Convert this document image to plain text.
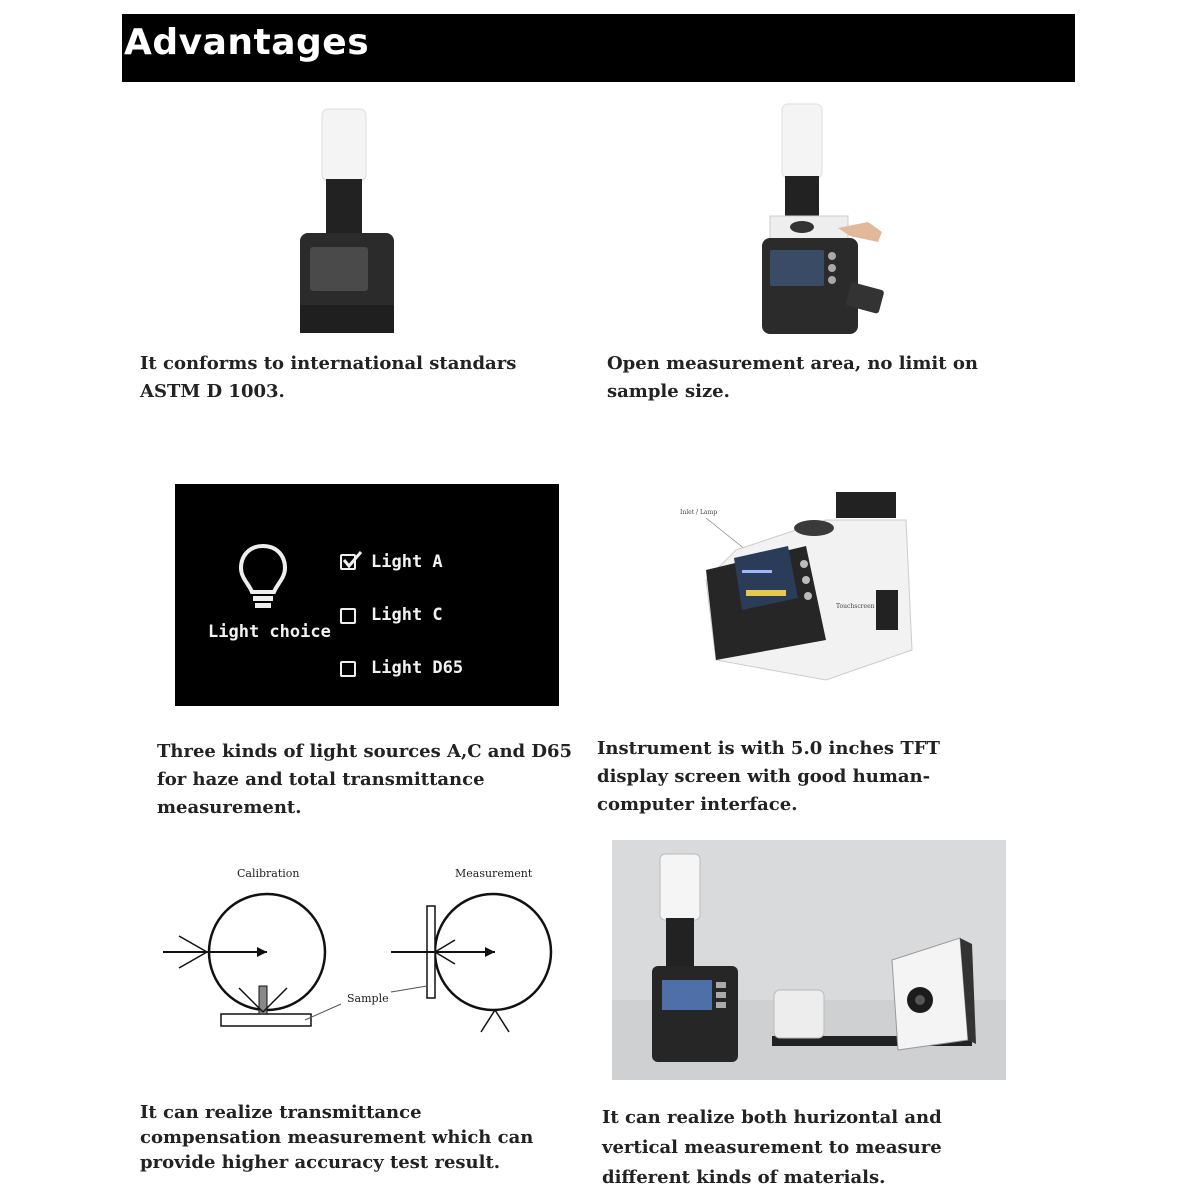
Advantages
It conforms to international standars ASTM D 1003.
Open measurement area, no limit on sample size.
Light choice
Light A
Light C
Light D65
Inlet / Lamp
Touchscreen
Three kinds of light sources A,C and D65 for haze and total transmittance measurement.
Instrument is with 5.0 inches TFT display screen with good human-computer interface.
Calibration	Measurement
Sample
It can realize transmittance compensation measurement which can provide higher accuracy test result.
It can realize both hurizontal and vertical measurement to measure different kinds of materials.
